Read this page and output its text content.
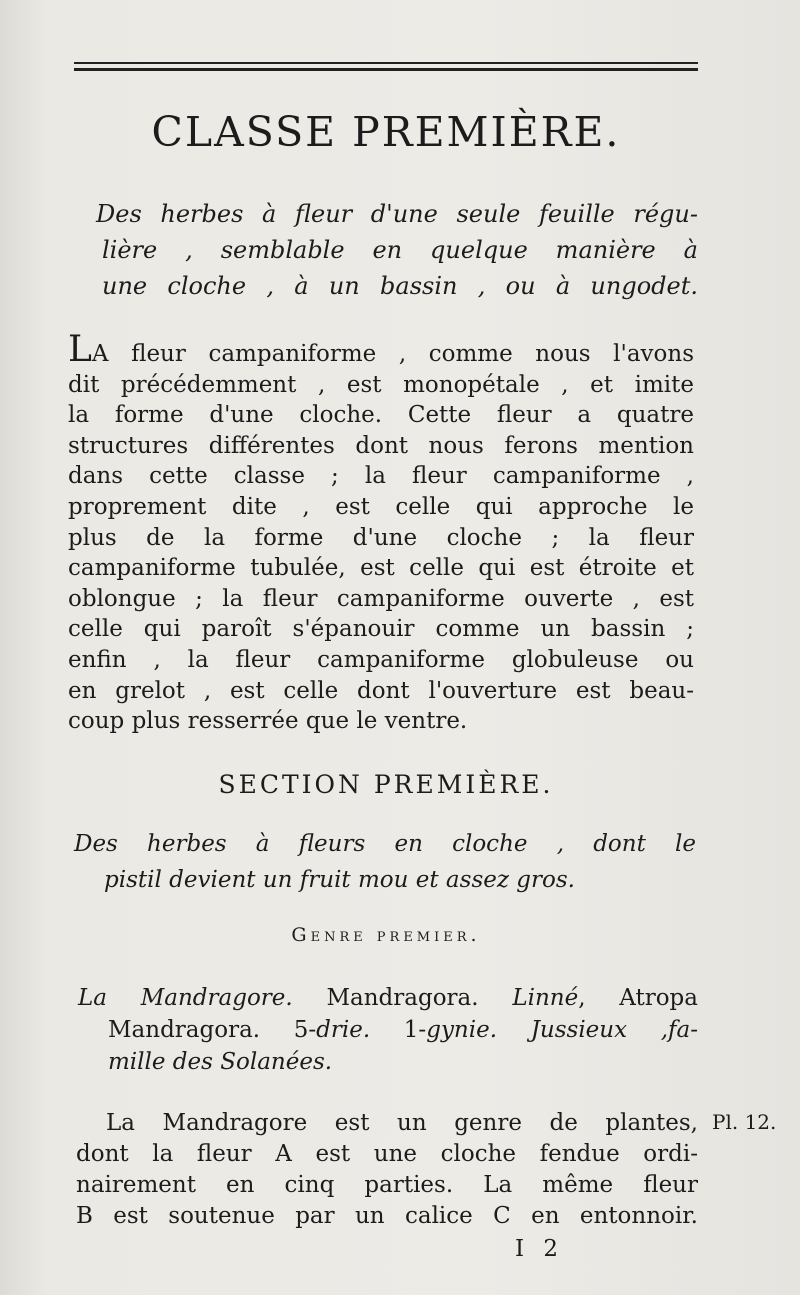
CLASSE PREMIÈRE.

Des herbes à fleur d'une seule feuille régu-
lière , semblable en quelque manière à
une cloche , à un bassin , ou à ungodet.

LA fleur campaniforme , comme nous l'avons
dit précédemment , est monopétale , et imite
la forme d'une cloche. Cette fleur a quatre
structures différentes dont nous ferons mention
dans cette classe ; la fleur campaniforme ,
proprement dite , est celle qui approche le
plus de la forme d'une cloche ; la fleur
campaniforme tubulée, est celle qui est étroite et
oblongue ; la fleur campaniforme ouverte , est
celle qui paroît s'épanouir comme un bassin ;
enfin , la fleur campaniforme globuleuse ou
en grelot , est celle dont l'ouverture est beau-
coup plus resserrée que le ventre.

SECTION PREMIÈRE.

Des herbes à fleurs en cloche , dont le
pistil devient un fruit mou et assez gros.

Genre premier.

La Mandragore. Mandragora. Linné, Atropa
Mandragora. 5-drie. 1-gynie. Jussieux ,fa-
mille des Solanées.

La Mandragore est un genre de plantes,
dont la fleur A est une cloche fendue ordi-
nairement en cinq parties. La même fleur
B est soutenue par un calice C en entonnoir.

Pl. 12.
I 2
